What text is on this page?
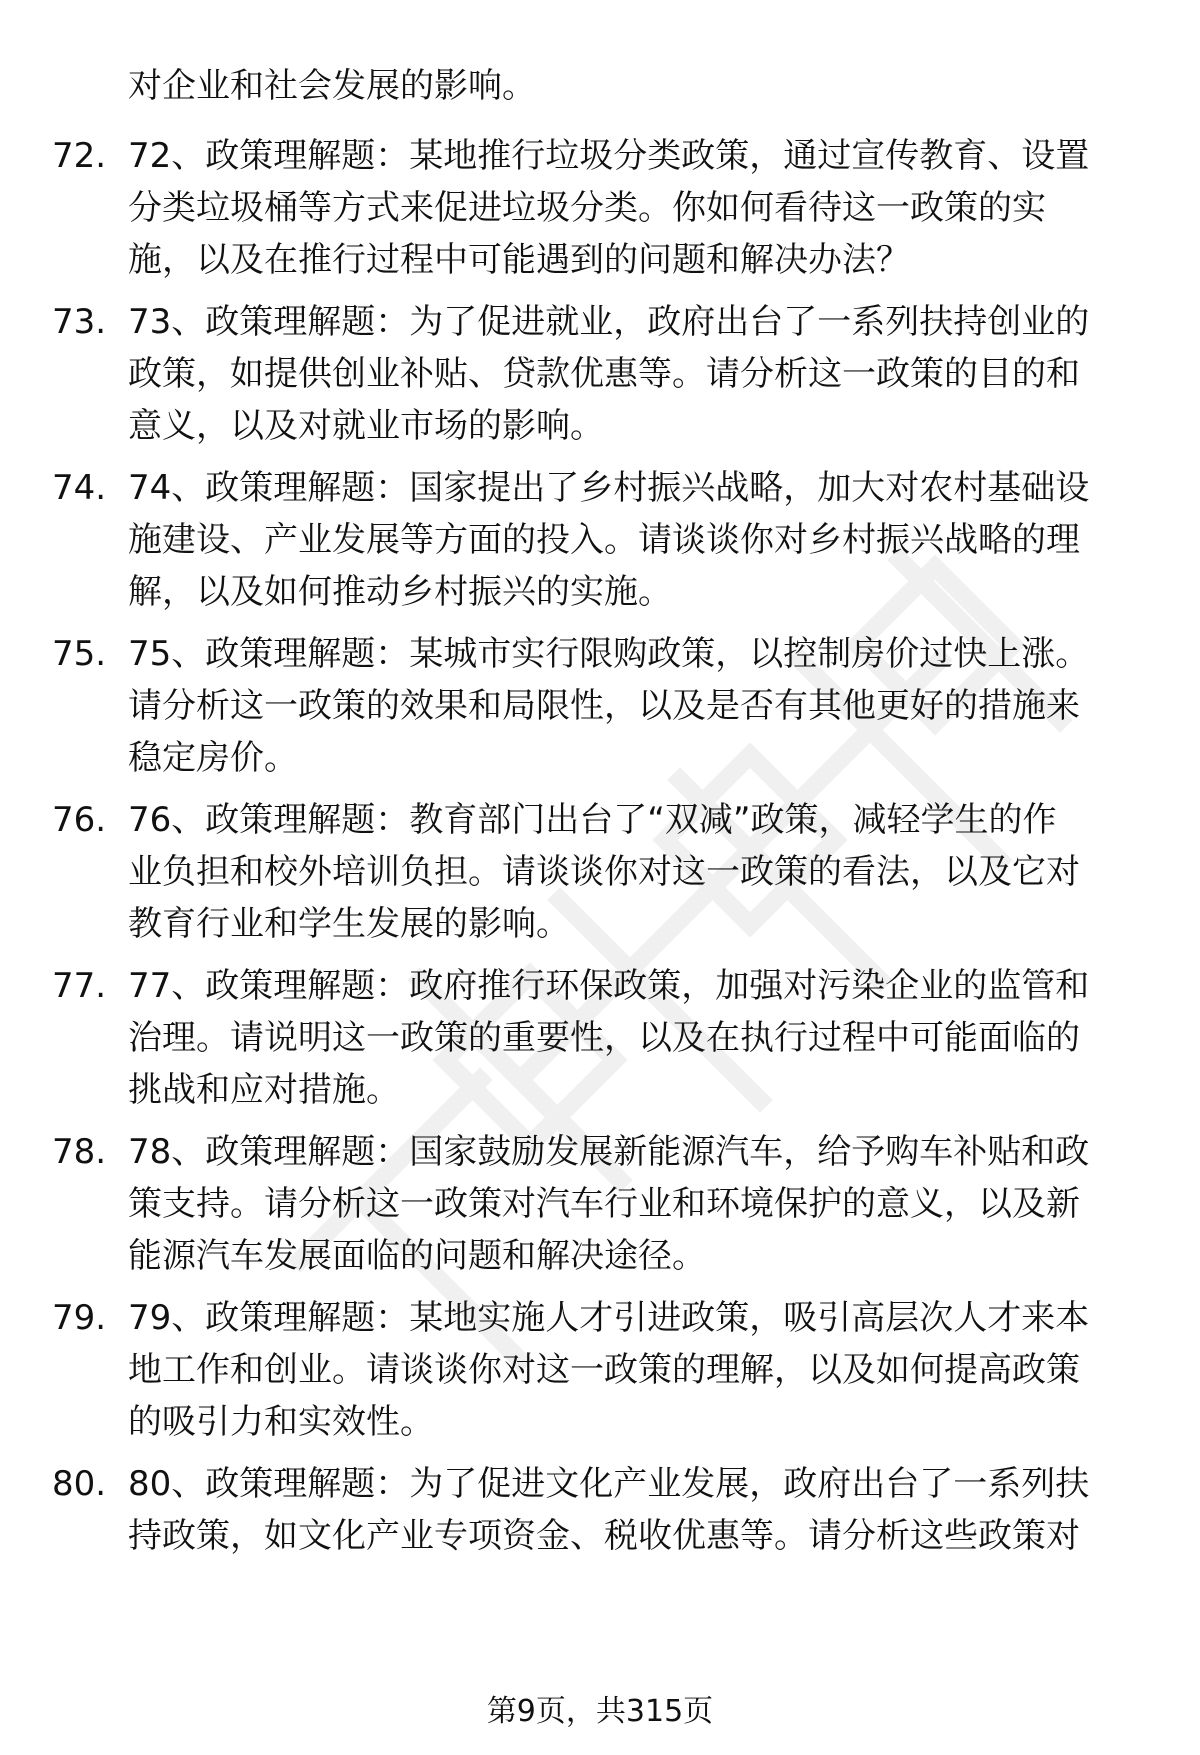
对企业和社会发展的影响。

72. 72、政策理解题：某地推行垃圾分类政策，通过宣传教育、设置
分类垃圾桶等方式来促进垃圾分类。你如何看待这一政策的实
施，以及在推行过程中可能遇到的问题和解决办法？

73. 73、政策理解题：为了促进就业，政府出台了一系列扶持创业的
政策，如提供创业补贴、贷款优惠等。请分析这一政策的目的和
意义，以及对就业市场的影响。

74. 74、政策理解题：国家提出了乡村振兴战略，加大对农村基础设
施建设、产业发展等方面的投入。请谈谈你对乡村振兴战略的理
解，以及如何推动乡村振兴的实施。

75. 75、政策理解题：某城市实行限购政策，以控制房价过快上涨。
请分析这一政策的效果和局限性，以及是否有其他更好的措施来
稳定房价。

76. 76、政策理解题：教育部门出台了“双减”政策，减轻学生的作
业负担和校外培训负担。请谈谈你对这一政策的看法，以及它对
教育行业和学生发展的影响。

77. 77、政策理解题：政府推行环保政策，加强对污染企业的监管和
治理。请说明这一政策的重要性，以及在执行过程中可能面临的
挑战和应对措施。

78. 78、政策理解题：国家鼓励发展新能源汽车，给予购车补贴和政
策支持。请分析这一政策对汽车行业和环境保护的意义，以及新
能源汽车发展面临的问题和解决途径。

79. 79、政策理解题：某地实施人才引进政策，吸引高层次人才来本
地工作和创业。请谈谈你对这一政策的理解，以及如何提高政策
的吸引力和实效性。

80. 80、政策理解题：为了促进文化产业发展，政府出台了一系列扶
持政策，如文化产业专项资金、税收优惠等。请分析这些政策对

第9页，共315页
